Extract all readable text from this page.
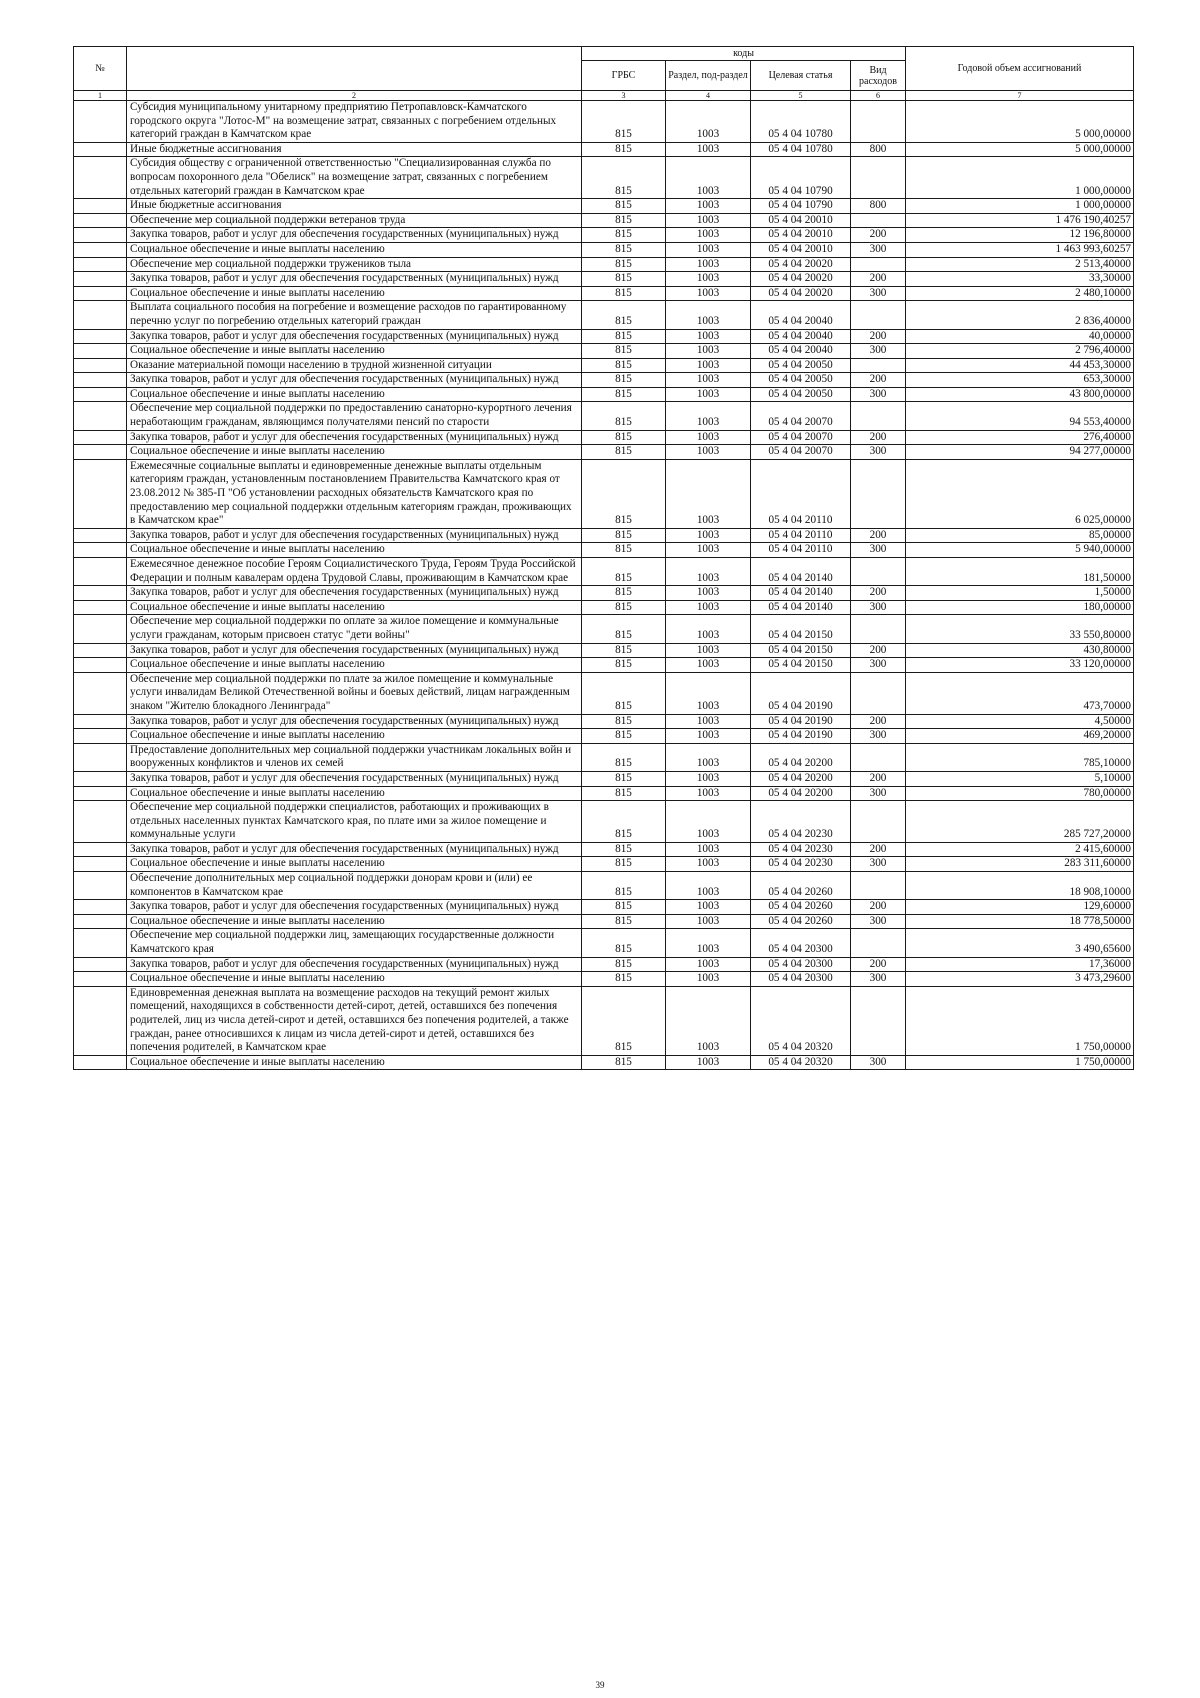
№		коды				Годовой объем ассигнований
		ГРБС	Раздел, под-раздел	Целевая статья	Вид расходов	
1	2	3	4	5	6	7
	Субсидия муниципальному унитарному предприятию Петропавловск-Камчатского городского округа "Лотос-М" на возмещение затрат, связанных с погребением отдельных категорий граждан в Камчатском крае	815	1003	05 4 04 10780		5 000,00000
	Иные бюджетные ассигнования	815	1003	05 4 04 10780	800	5 000,00000
	Субсидия обществу с ограниченной ответственностью "Специализированная служба по вопросам похоронного дела "Обелиск" на возмещение затрат, связанных с погребением отдельных категорий граждан в Камчатском крае	815	1003	05 4 04 10790		1 000,00000
	Иные бюджетные ассигнования	815	1003	05 4 04 10790	800	1 000,00000
	Обеспечение мер социальной поддержки ветеранов труда	815	1003	05 4 04 20010		1 476 190,40257
	Закупка товаров, работ и услуг для обеспечения государственных (муниципальных) нужд	815	1003	05 4 04 20010	200	12 196,80000
	Социальное обеспечение и иные выплаты населению	815	1003	05 4 04 20010	300	1 463 993,60257
	Обеспечение мер социальной поддержки тружеников тыла	815	1003	05 4 04 20020		2 513,40000
	Закупка товаров, работ и услуг для обеспечения государственных (муниципальных) нужд	815	1003	05 4 04 20020	200	33,30000
	Социальное обеспечение и иные выплаты населению	815	1003	05 4 04 20020	300	2 480,10000
	Выплата социального пособия на погребение и возмещение расходов по гарантированному перечню услуг по погребению отдельных категорий граждан	815	1003	05 4 04 20040		2 836,40000
	Закупка товаров, работ и услуг для обеспечения государственных (муниципальных) нужд	815	1003	05 4 04 20040	200	40,00000
	Социальное обеспечение и иные выплаты населению	815	1003	05 4 04 20040	300	2 796,40000
	Оказание материальной помощи населению в трудной жизненной ситуации	815	1003	05 4 04 20050		44 453,30000
	Закупка товаров, работ и услуг для обеспечения государственных (муниципальных) нужд	815	1003	05 4 04 20050	200	653,30000
	Социальное обеспечение и иные выплаты населению	815	1003	05 4 04 20050	300	43 800,00000
	Обеспечение мер социальной поддержки по предоставлению санаторно-курортного лечения неработающим гражданам, являющимся получателями пенсий по старости	815	1003	05 4 04 20070		94 553,40000
	Закупка товаров, работ и услуг для обеспечения государственных (муниципальных) нужд	815	1003	05 4 04 20070	200	276,40000
	Социальное обеспечение и иные выплаты населению	815	1003	05 4 04 20070	300	94 277,00000
	Ежемесячные социальные выплаты и единовременные денежные выплаты отдельным категориям граждан, установленным постановлением Правительства Камчатского края от 23.08.2012 № 385-П "Об установлении расходных обязательств Камчатского края по предоставлению мер социальной поддержки отдельным категориям граждан, проживающих в Камчатском крае"	815	1003	05 4 04 20110		6 025,00000
	Закупка товаров, работ и услуг для обеспечения государственных (муниципальных) нужд	815	1003	05 4 04 20110	200	85,00000
	Социальное обеспечение и иные выплаты населению	815	1003	05 4 04 20110	300	5 940,00000
	Ежемесячное денежное пособие Героям Социалистического Труда, Героям Труда Российской Федерации и полным кавалерам ордена Трудовой Славы, проживающим в Камчатском крае	815	1003	05 4 04 20140		181,50000
	Закупка товаров, работ и услуг для обеспечения государственных (муниципальных) нужд	815	1003	05 4 04 20140	200	1,50000
	Социальное обеспечение и иные выплаты населению	815	1003	05 4 04 20140	300	180,00000
	Обеспечение мер социальной поддержки по оплате за жилое помещение и коммунальные услуги гражданам, которым присвоен статус "дети войны"	815	1003	05 4 04 20150		33 550,80000
	Закупка товаров, работ и услуг для обеспечения государственных (муниципальных) нужд	815	1003	05 4 04 20150	200	430,80000
	Социальное обеспечение и иные выплаты населению	815	1003	05 4 04 20150	300	33 120,00000
	Обеспечение мер социальной поддержки по плате за жилое помещение и коммунальные услуги инвалидам Великой Отечественной войны и боевых действий, лицам награжденным знаком "Жителю блокадного Ленинграда"	815	1003	05 4 04 20190		473,70000
	Закупка товаров, работ и услуг для обеспечения государственных (муниципальных) нужд	815	1003	05 4 04 20190	200	4,50000
	Социальное обеспечение и иные выплаты населению	815	1003	05 4 04 20190	300	469,20000
	Предоставление дополнительных мер социальной поддержки участникам локальных войн и вооруженных конфликтов и членов их семей	815	1003	05 4 04 20200		785,10000
	Закупка товаров, работ и услуг для обеспечения государственных (муниципальных) нужд	815	1003	05 4 04 20200	200	5,10000
	Социальное обеспечение и иные выплаты населению	815	1003	05 4 04 20200	300	780,00000
	Обеспечение мер социальной поддержки специалистов, работающих и проживающих в отдельных населенных пунктах Камчатского края, по плате ими за жилое помещение и коммунальные услуги	815	1003	05 4 04 20230		285 727,20000
	Закупка товаров, работ и услуг для обеспечения государственных (муниципальных) нужд	815	1003	05 4 04 20230	200	2 415,60000
	Социальное обеспечение и иные выплаты населению	815	1003	05 4 04 20230	300	283 311,60000
	Обеспечение дополнительных мер социальной поддержки донорам крови и (или) ее компонентов в Камчатском крае	815	1003	05 4 04 20260		18 908,10000
	Закупка товаров, работ и услуг для обеспечения государственных (муниципальных) нужд	815	1003	05 4 04 20260	200	129,60000
	Социальное обеспечение и иные выплаты населению	815	1003	05 4 04 20260	300	18 778,50000
	Обеспечение мер социальной поддержки лиц, замещающих государственные должности Камчатского края	815	1003	05 4 04 20300		3 490,65600
	Закупка товаров, работ и услуг для обеспечения государственных (муниципальных) нужд	815	1003	05 4 04 20300	200	17,36000
	Социальное обеспечение и иные выплаты населению	815	1003	05 4 04 20300	300	3 473,29600
	Единовременная денежная выплата на возмещение расходов на текущий ремонт жилых помещений, находящихся в собственности детей-сирот, детей, оставшихся без попечения родителей, лиц из числа детей-сирот и детей, оставшихся без попечения родителей, а также граждан, ранее относившихся к лицам из числа детей-сирот и детей, оставшихся без попечения родителей, в Камчатском крае	815	1003	05 4 04 20320		1 750,00000
	Социальное обеспечение и иные выплаты населению	815	1003	05 4 04 20320	300	1 750,00000
39
